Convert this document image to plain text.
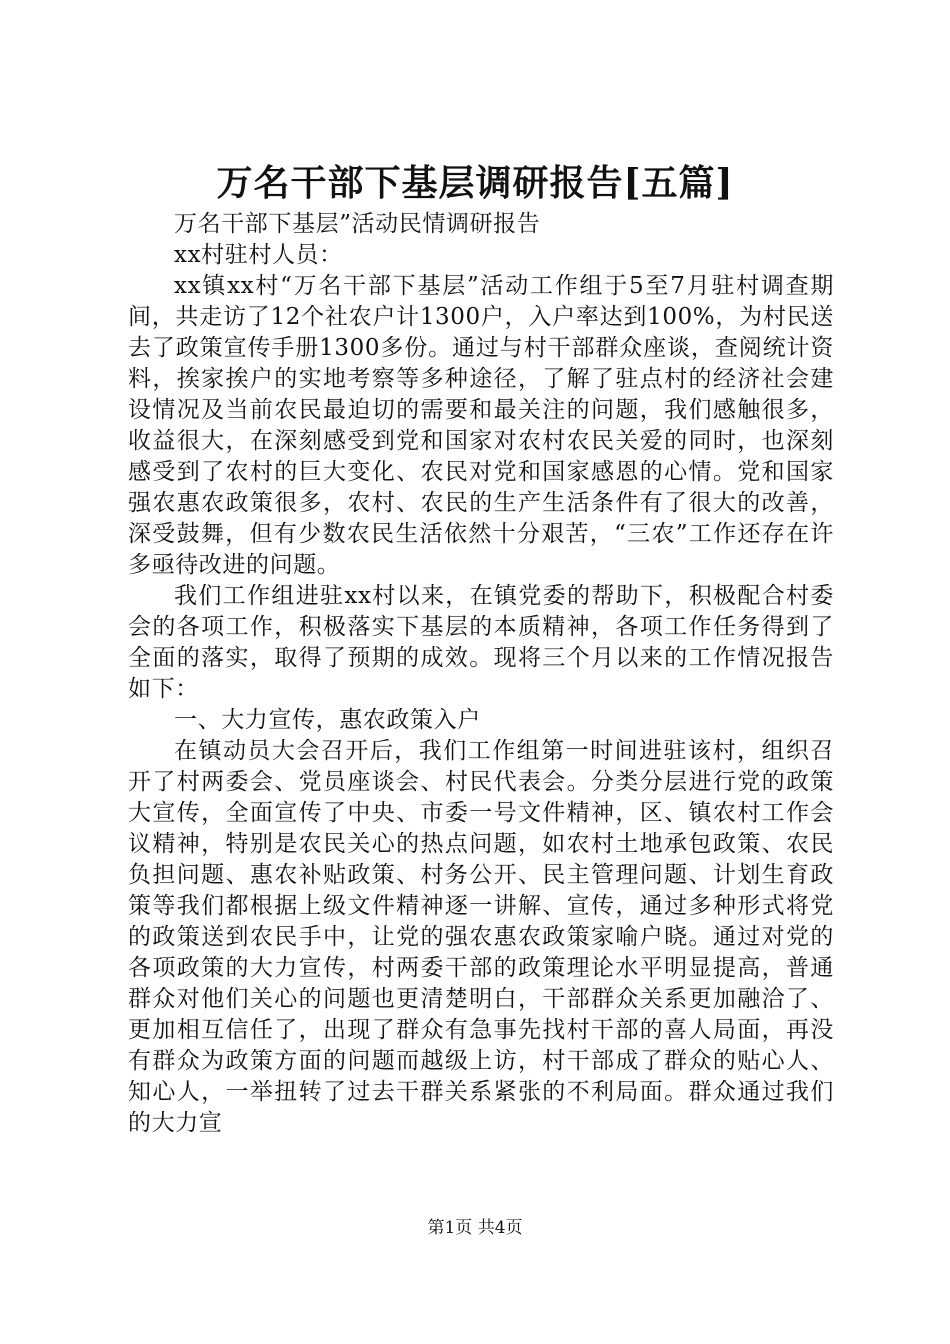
万名干部下基层调研报告[五篇]

万名干部下基层”活动民情调研报告

xx村驻村人员：

xx镇xx村“万名干部下基层”活动工作组于5至7月驻村调查期间，共走访了12个社农户计1300户，入户率达到100%，为村民送去了政策宣传手册1300多份。通过与村干部群众座谈，查阅统计资料，挨家挨户的实地考察等多种途径，了解了驻点村的经济社会建设情况及当前农民最迫切的需要和最关注的问题，我们感触很多，收益很大，在深刻感受到党和国家对农村农民关爱的同时，也深刻感受到了农村的巨大变化、农民对党和国家感恩的心情。党和国家强农惠农政策很多，农村、农民的生产生活条件有了很大的改善，深受鼓舞，但有少数农民生活依然十分艰苦，“三农”工作还存在许多亟待改进的问题。

我们工作组进驻xx村以来，在镇党委的帮助下，积极配合村委会的各项工作，积极落实下基层的本质精神，各项工作任务得到了全面的落实，取得了预期的成效。现将三个月以来的工作情况报告如下：

一、大力宣传，惠农政策入户

在镇动员大会召开后，我们工作组第一时间进驻该村，组织召开了村两委会、党员座谈会、村民代表会。分类分层进行党的政策大宣传，全面宣传了中央、市委一号文件精神，区、镇农村工作会议精神，特别是农民关心的热点问题，如农村土地承包政策、农民负担问题、惠农补贴政策、村务公开、民主管理问题、计划生育政策等我们都根据上级文件精神逐一讲解、宣传，通过多种形式将党的政策送到农民手中，让党的强农惠农政策家喻户晓。通过对党的各项政策的大力宣传，村两委干部的政策理论水平明显提高，普通群众对他们关心的问题也更清楚明白，干部群众关系更加融洽了、更加相互信任了，出现了群众有急事先找村干部的喜人局面，再没有群众为政策方面的问题而越级上访，村干部成了群众的贴心人、知心人，一举扭转了过去干群关系紧张的不利局面。群众通过我们的大力宣

第1页 共4页
